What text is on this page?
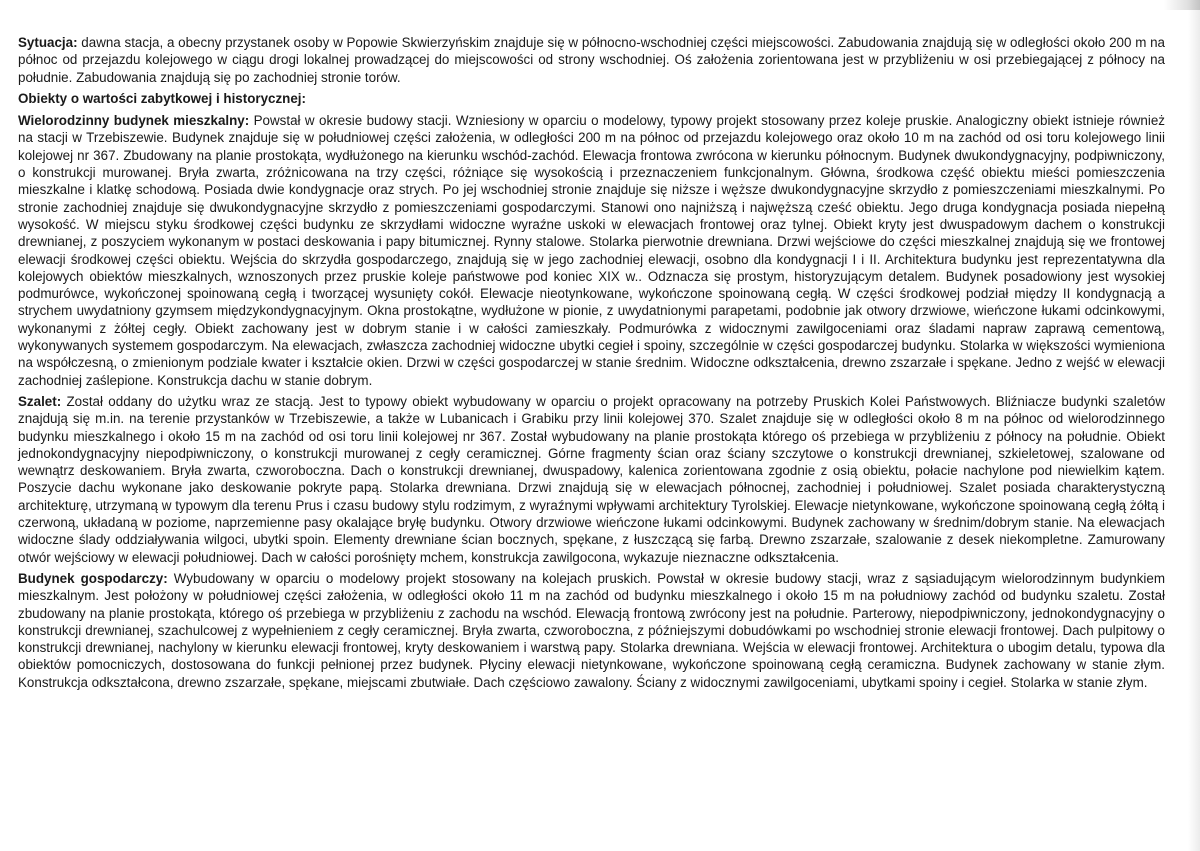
Sytuacja: dawna stacja, a obecny przystanek osoby w Popowie Skwierzyńskim znajduje się w północno-wschodniej części miejscowości. Zabudowania znajdują się w odległości około 200 m na północ od przejazdu kolejowego w ciągu drogi lokalnej prowadzącej do miejscowości od strony wschodniej. Oś założenia zorientowana jest w przybliżeniu w osi przebiegającej z północy na południe. Zabudowania znajdują się po zachodniej stronie torów.

Obiekty o wartości zabytkowej i historycznej:

Wielorodzinny budynek mieszkalny: Powstał w okresie budowy stacji. Wzniesiony w oparciu o modelowy, typowy projekt stosowany przez koleje pruskie. Analogiczny obiekt istnieje również na stacji w Trzebiszewie. Budynek znajduje się w południowej części założenia, w odległości 200 m na północ od przejazdu kolejowego oraz około 10 m na zachód od osi toru kolejowego linii kolejowej nr 367. Zbudowany na planie prostokąta, wydłużonego na kierunku wschód-zachód. Elewacja frontowa zwrócona w kierunku północnym. Budynek dwukondygnacyjny, podpiwniczony, o konstrukcji murowanej. Bryła zwarta, zróżnicowana na trzy części, różniące się wysokością i przeznaczeniem funkcjonalnym. Główna, środkowa część obiektu mieści pomieszczenia mieszkalne i klatkę schodową. Posiada dwie kondygnacje oraz strych. Po jej wschodniej stronie znajduje się niższe i węższe dwukondygnacyjne skrzydło z pomieszczeniami mieszkalnymi. Po stronie zachodniej znajduje się dwukondygnacyjne skrzydło z pomieszczeniami gospodarczymi. Stanowi ono najniższą i najwęższą cześć obiektu. Jego druga kondygnacja posiada niepełną wysokość. W miejscu styku środkowej części budynku ze skrzydłami widoczne wyraźne uskoki w elewacjach frontowej oraz tylnej. Obiekt kryty jest dwuspadowym dachem o konstrukcji drewnianej, z poszyciem wykonanym w postaci deskowania i papy bitumicznej. Rynny stalowe. Stolarka pierwotnie drewniana. Drzwi wejściowe do części mieszkalnej znajdują się we frontowej elewacji środkowej części obiektu. Wejścia do skrzydła gospodarczego, znajdują się w jego zachodniej elewacji, osobno dla kondygnacji I i II. Architektura budynku jest reprezentatywna dla kolejowych obiektów mieszkalnych, wznoszonych przez pruskie koleje państwowe pod koniec XIX w.. Odznacza się prostym, historyzującym detalem. Budynek posadowiony jest wysokiej podmurówce, wykończonej spoinowaną cegłą i tworzącej wysunięty cokół. Elewacje nieotynkowane, wykończone spoinowaną cegłą. W części środkowej podział między II kondygnacją a strychem uwydatniony gzymsem międzykondygnacyjnym. Okna prostokątne, wydłużone w pionie, z uwydatnionymi parapetami, podobnie jak otwory drzwiowe, wieńczone łukami odcinkowymi, wykonanymi z żółtej cegły. Obiekt zachowany jest w dobrym stanie i w całości zamieszkały. Podmurówka z widocznymi zawilgoceniami oraz śladami napraw zaprawą cementową, wykonywanych systemem gospodarczym. Na elewacjach, zwłaszcza zachodniej widoczne ubytki cegieł i spoiny, szczególnie w części gospodarczej budynku. Stolarka w większości wymieniona na współczesną, o zmienionym podziale kwater i kształcie okien. Drzwi w części gospodarczej w stanie średnim. Widoczne odkształcenia, drewno zszarzałe i spękane. Jedno z wejść w elewacji zachodniej zaślepione. Konstrukcja dachu w stanie dobrym.

Szalet: Został oddany do użytku wraz ze stacją. Jest to typowy obiekt wybudowany w oparciu o projekt opracowany na potrzeby Pruskich Kolei Państwowych. Bliźniacze budynki szaletów znajdują się m.in. na terenie przystanków w Trzebiszewie, a także w Lubanicach i Grabiku przy linii kolejowej 370. Szalet znajduje się w odległości około 8 m na północ od wielorodzinnego budynku mieszkalnego i około 15 m na zachód od osi toru linii kolejowej nr 367. Został wybudowany na planie prostokąta którego oś przebiega w przybliżeniu z północy na południe. Obiekt jednokondygnacyjny niepodpiwniczony, o konstrukcji murowanej z cegły ceramicznej. Górne fragmenty ścian oraz ściany szczytowe o konstrukcji drewnianej, szkieletowej, szalowane od wewnątrz deskowaniem. Bryła zwarta, czworoboczna. Dach o konstrukcji drewnianej, dwuspadowy, kalenica zorientowana zgodnie z osią obiektu, połacie nachylone pod niewielkim kątem. Poszycie dachu wykonane jako deskowanie pokryte papą. Stolarka drewniana. Drzwi znajdują się w elewacjach północnej, zachodniej i południowej. Szalet posiada charakterystyczną architekturę, utrzymaną w typowym dla terenu Prus i czasu budowy stylu rodzimym, z wyraźnymi wpływami architektury Tyrolskiej. Elewacje nietynkowane, wykończone spoinowaną cegłą żółtą i czerwoną, układaną w poziome, naprzemienne pasy okalające bryłę budynku. Otwory drzwiowe wieńczone łukami odcinkowymi. Budynek zachowany w średnim/dobrym stanie. Na elewacjach widoczne ślady oddziaływania wilgoci, ubytki spoin. Elementy drewniane ścian bocznych, spękane, z łuszczącą się farbą. Drewno zszarzałe, szalowanie z desek niekompletne. Zamurowany otwór wejściowy w elewacji południowej. Dach w całości porośnięty mchem, konstrukcja zawilgocona, wykazuje nieznaczne odkształcenia.

Budynek gospodarczy: Wybudowany w oparciu o modelowy projekt stosowany na kolejach pruskich. Powstał w okresie budowy stacji, wraz z sąsiadującym wielorodzinnym budynkiem mieszkalnym. Jest położony w południowej części założenia, w odległości około 11 m na zachód od budynku mieszkalnego i około 15 m na południowy zachód od budynku szaletu. Został zbudowany na planie prostokąta, którego oś przebiega w przybliżeniu z zachodu na wschód. Elewacją frontową zwrócony jest na południe. Parterowy, niepodpiwniczony, jednokondygnacyjny o konstrukcji drewnianej, szachulcowej z wypełnieniem z cegły ceramicznej. Bryła zwarta, czworoboczna, z późniejszymi dobudówkami po wschodniej stronie elewacji frontowej. Dach pulpitowy o konstrukcji drewnianej, nachylony w kierunku elewacji frontowej, kryty deskowaniem i warstwą papy. Stolarka drewniana. Wejścia w elewacji frontowej. Architektura o ubogim detalu, typowa dla obiektów pomocniczych, dostosowana do funkcji pełnionej przez budynek. Płyciny elewacji nietynkowane, wykończone spoinowaną cegłą ceramiczna. Budynek zachowany w stanie złym. Konstrukcja odkształcona, drewno zszarzałe, spękane, miejscami zbutwiałe. Dach częściowo zawalony. Ściany z widocznymi zawilgoceniami, ubytkami spoiny i cegieł. Stolarka w stanie złym.
